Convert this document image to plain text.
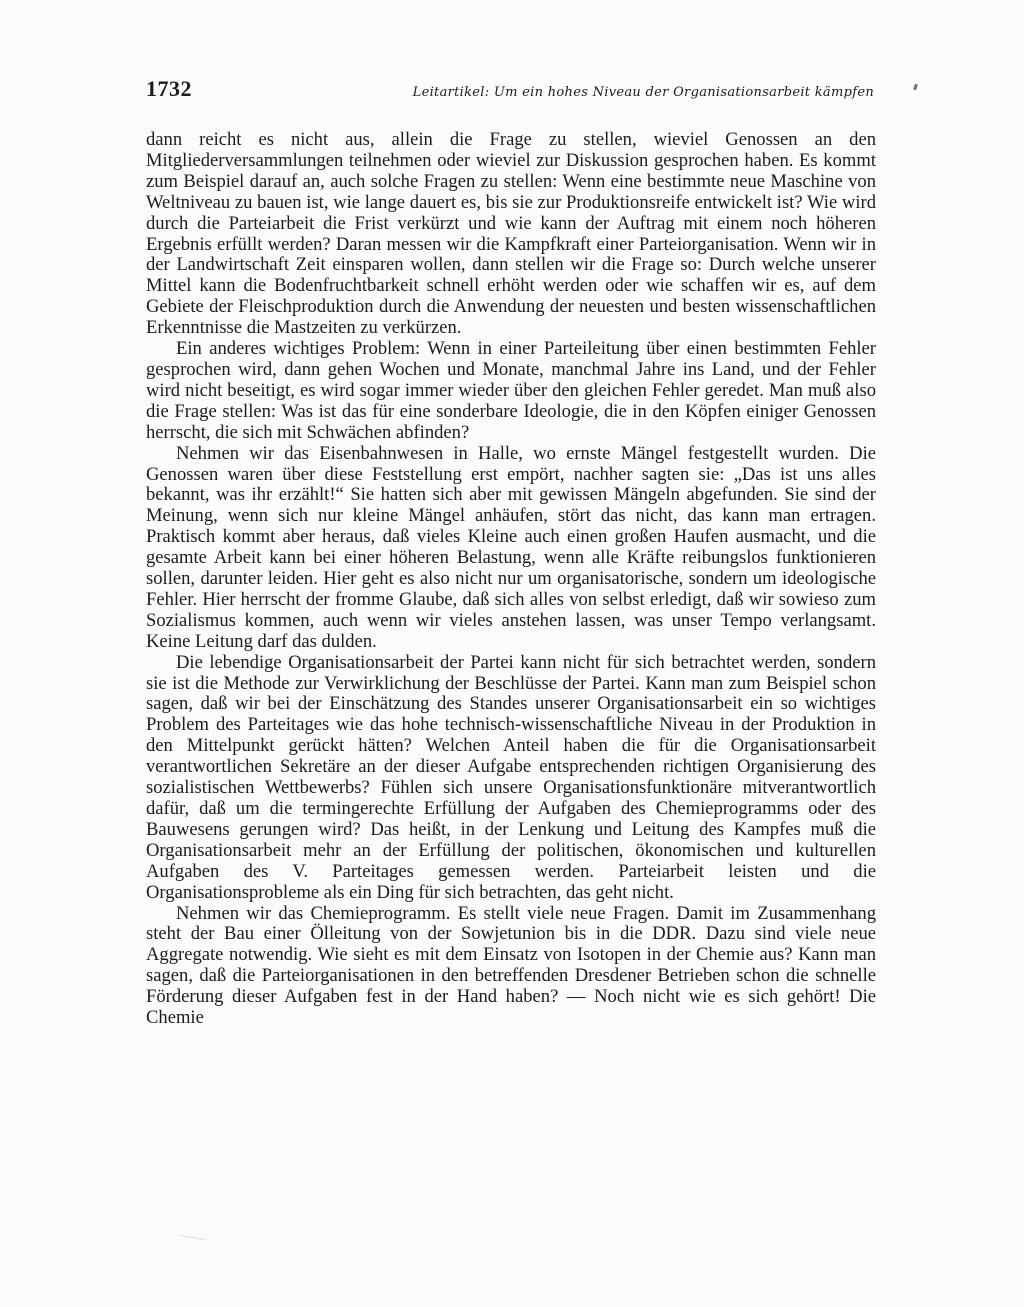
1732	Leitartikel: Um ein hohes Niveau der Organisationsarbeit kämpfen

dann reicht es nicht aus, allein die Frage zu stellen, wieviel Genossen an den Mitgliederversammlungen teilnehmen oder wieviel zur Diskussion gesprochen haben. Es kommt zum Beispiel darauf an, auch solche Fragen zu stellen: Wenn eine bestimmte neue Maschine von Weltniveau zu bauen ist, wie lange dauert es, bis sie zur Produktionsreife entwickelt ist? Wie wird durch die Parteiarbeit die Frist verkürzt und wie kann der Auftrag mit einem noch höheren Ergebnis erfüllt werden? Daran messen wir die Kampfkraft einer Parteiorganisation. Wenn wir in der Landwirtschaft Zeit einsparen wollen, dann stellen wir die Frage so: Durch welche unserer Mittel kann die Bodenfruchtbarkeit schnell erhöht werden oder wie schaffen wir es, auf dem Gebiete der Fleischproduktion durch die Anwendung der neuesten und besten wissenschaftlichen Erkenntnisse die Mastzeiten zu verkürzen.

Ein anderes wichtiges Problem: Wenn in einer Parteileitung über einen bestimmten Fehler gesprochen wird, dann gehen Wochen und Monate, manchmal Jahre ins Land, und der Fehler wird nicht beseitigt, es wird sogar immer wieder über den gleichen Fehler geredet. Man muß also die Frage stellen: Was ist das für eine sonderbare Ideologie, die in den Köpfen einiger Genossen herrscht, die sich mit Schwächen abfinden?

Nehmen wir das Eisenbahnwesen in Halle, wo ernste Mängel festgestellt wurden. Die Genossen waren über diese Feststellung erst empört, nachher sagten sie: „Das ist uns alles bekannt, was ihr erzählt!“ Sie hatten sich aber mit gewissen Mängeln abgefunden. Sie sind der Meinung, wenn sich nur kleine Mängel anhäufen, stört das nicht, das kann man ertragen. Praktisch kommt aber heraus, daß vieles Kleine auch einen großen Haufen ausmacht, und die gesamte Arbeit kann bei einer höheren Belastung, wenn alle Kräfte reibungslos funktionieren sollen, darunter leiden. Hier geht es also nicht nur um organisatorische, sondern um ideologische Fehler. Hier herrscht der fromme Glaube, daß sich alles von selbst erledigt, daß wir sowieso zum Sozialismus kommen, auch wenn wir vieles anstehen lassen, was unser Tempo verlangsamt. Keine Leitung darf das dulden.

Die lebendige Organisationsarbeit der Partei kann nicht für sich betrachtet werden, sondern sie ist die Methode zur Verwirklichung der Beschlüsse der Partei. Kann man zum Beispiel schon sagen, daß wir bei der Einschätzung des Standes unserer Organisationsarbeit ein so wichtiges Problem des Parteitages wie das hohe technisch-wissenschaftliche Niveau in der Produktion in den Mittelpunkt gerückt hätten? Welchen Anteil haben die für die Organisationsarbeit verantwortlichen Sekretäre an der dieser Aufgabe entsprechenden richtigen Organisierung des sozialistischen Wettbewerbs? Fühlen sich unsere Organisationsfunktionäre mitverantwortlich dafür, daß um die termingerechte Erfüllung der Aufgaben des Chemieprogramms oder des Bauwesens gerungen wird? Das heißt, in der Lenkung und Leitung des Kampfes muß die Organisationsarbeit mehr an der Erfüllung der politischen, ökonomischen und kulturellen Aufgaben des V. Parteitages gemessen werden. Parteiarbeit leisten und die Organisationsprobleme als ein Ding für sich betrachten, das geht nicht.

Nehmen wir das Chemieprogramm. Es stellt viele neue Fragen. Damit im Zusammenhang steht der Bau einer Ölleitung von der Sowjetunion bis in die DDR. Dazu sind viele neue Aggregate notwendig. Wie sieht es mit dem Einsatz von Isotopen in der Chemie aus? Kann man sagen, daß die Parteiorganisationen in den betreffenden Dresdener Betrieben schon die schnelle Förderung dieser Aufgaben fest in der Hand haben? — Noch nicht wie es sich gehört! Die Chemie
